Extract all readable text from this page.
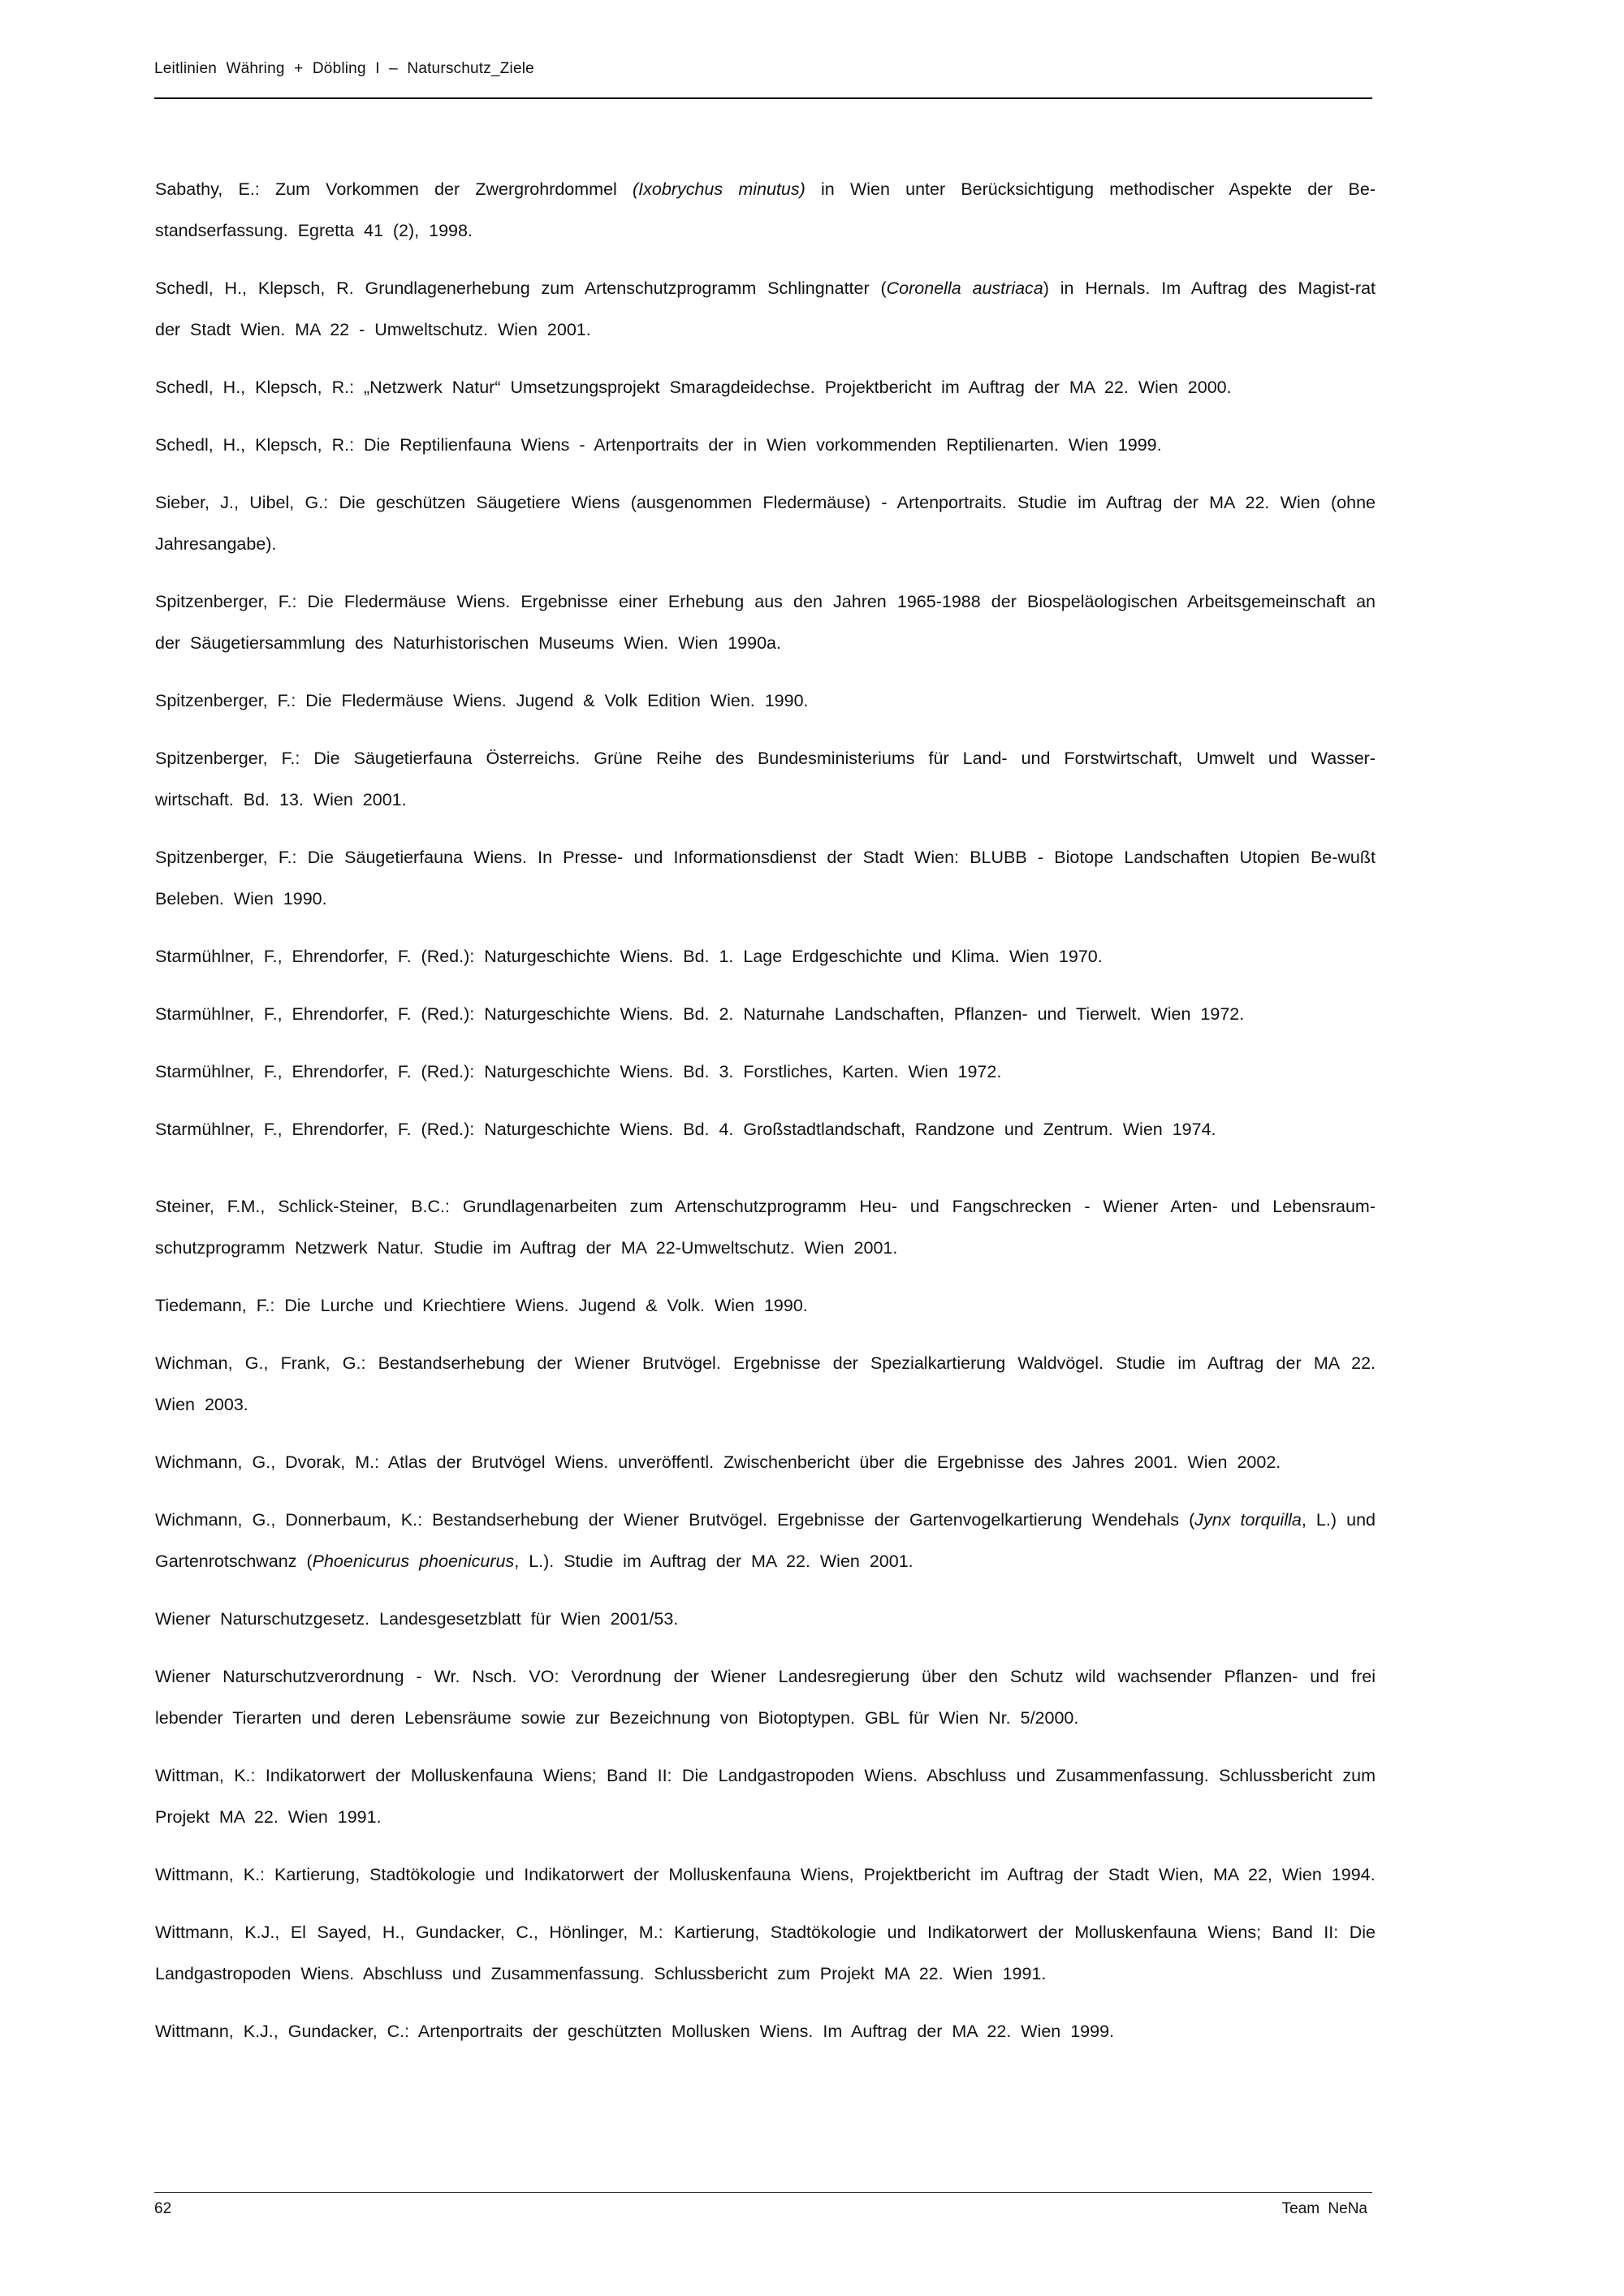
Leitlinien Währing + Döbling I – Naturschutz_Ziele
Sabathy, E.: Zum Vorkommen der Zwergrohrdommel (Ixobrychus minutus) in Wien unter Berücksichtigung methodischer Aspekte der Be-standserfassung. Egretta 41 (2), 1998.
Schedl, H., Klepsch, R. Grundlagenerhebung zum Artenschutzprogramm Schlingnatter (Coronella austriaca) in Hernals. Im Auftrag des Magist-rat der Stadt Wien. MA 22 - Umweltschutz. Wien 2001.
Schedl, H., Klepsch, R.: „Netzwerk Natur“ Umsetzungsprojekt Smaragdeidechse. Projektbericht im Auftrag der MA 22. Wien 2000.
Schedl, H., Klepsch, R.: Die Reptilienfauna Wiens - Artenportraits der in Wien vorkommenden Reptilienarten. Wien 1999.
Sieber, J., Uibel, G.: Die geschützen Säugetiere Wiens (ausgenommen Fledermäuse) - Artenportraits. Studie im Auftrag der MA 22. Wien (ohne Jahresangabe).
Spitzenberger, F.: Die Fledermäuse Wiens. Ergebnisse einer Erhebung aus den Jahren 1965-1988 der Biospeläologischen Arbeitsgemeinschaft an der Säugetiersammlung des Naturhistorischen Museums Wien. Wien 1990a.
Spitzenberger, F.: Die Fledermäuse Wiens. Jugend & Volk Edition Wien. 1990.
Spitzenberger, F.: Die Säugetierfauna Österreichs. Grüne Reihe des Bundesministeriums für Land- und Forstwirtschaft, Umwelt und Wasser-wirtschaft. Bd. 13. Wien 2001.
Spitzenberger, F.: Die Säugetierfauna Wiens. In Presse- und Informationsdienst der Stadt Wien: BLUBB - Biotope Landschaften Utopien Be-wußt Beleben. Wien 1990.
Starmühlner, F., Ehrendorfer, F. (Red.): Naturgeschichte Wiens. Bd. 1. Lage Erdgeschichte und Klima. Wien 1970.
Starmühlner, F., Ehrendorfer, F. (Red.): Naturgeschichte Wiens. Bd. 2. Naturnahe Landschaften, Pflanzen- und Tierwelt. Wien 1972.
Starmühlner, F., Ehrendorfer, F. (Red.): Naturgeschichte Wiens. Bd. 3. Forstliches, Karten. Wien 1972.
Starmühlner, F., Ehrendorfer, F. (Red.): Naturgeschichte Wiens. Bd. 4. Großstadtlandschaft, Randzone und Zentrum. Wien 1974.
Steiner, F.M., Schlick-Steiner, B.C.: Grundlagenarbeiten zum Artenschutzprogramm Heu- und Fangschrecken - Wiener Arten- und Lebensraum-schutzprogramm Netzwerk Natur. Studie im Auftrag der MA 22-Umweltschutz. Wien 2001.
Tiedemann, F.: Die Lurche und Kriechtiere Wiens. Jugend & Volk. Wien 1990.
Wichman, G., Frank, G.: Bestandserhebung der Wiener Brutvögel. Ergebnisse der Spezialkartierung Waldvögel. Studie im Auftrag der MA 22. Wien 2003.
Wichmann, G., Dvorak, M.: Atlas der Brutvögel Wiens. unveröffentl. Zwischenbericht über die Ergebnisse des Jahres 2001. Wien 2002.
Wichmann, G., Donnerbaum, K.: Bestandserhebung der Wiener Brutvögel. Ergebnisse der Gartenvogelkartierung Wendehals (Jynx torquilla, L.) und Gartenrotschwanz (Phoenicurus phoenicurus, L.). Studie im Auftrag der MA 22. Wien 2001.
Wiener Naturschutzgesetz. Landesgesetzblatt für Wien 2001/53.
Wiener Naturschutzverordnung - Wr. Nsch. VO: Verordnung der Wiener Landesregierung über den Schutz wild wachsender Pflanzen- und frei lebender Tierarten und deren Lebensräume sowie zur Bezeichnung von Biotoptypen. GBL für Wien Nr. 5/2000.
Wittman, K.: Indikatorwert der Molluskenfauna Wiens; Band II: Die Landgastropoden Wiens. Abschluss und Zusammenfassung. Schlussbericht zum Projekt MA 22. Wien 1991.
Wittmann, K.: Kartierung, Stadtökologie und Indikatorwert der Molluskenfauna Wiens, Projektbericht im Auftrag der Stadt Wien, MA 22, Wien 1994.
Wittmann, K.J., El Sayed, H., Gundacker, C., Hönlinger, M.: Kartierung, Stadtökologie und Indikatorwert der Molluskenfauna Wiens; Band II: Die Landgastropoden Wiens. Abschluss und Zusammenfassung. Schlussbericht zum Projekt MA 22. Wien 1991.
Wittmann, K.J., Gundacker, C.: Artenportraits der geschützten Mollusken Wiens. Im Auftrag der MA 22. Wien 1999.
62	Team NeNa
